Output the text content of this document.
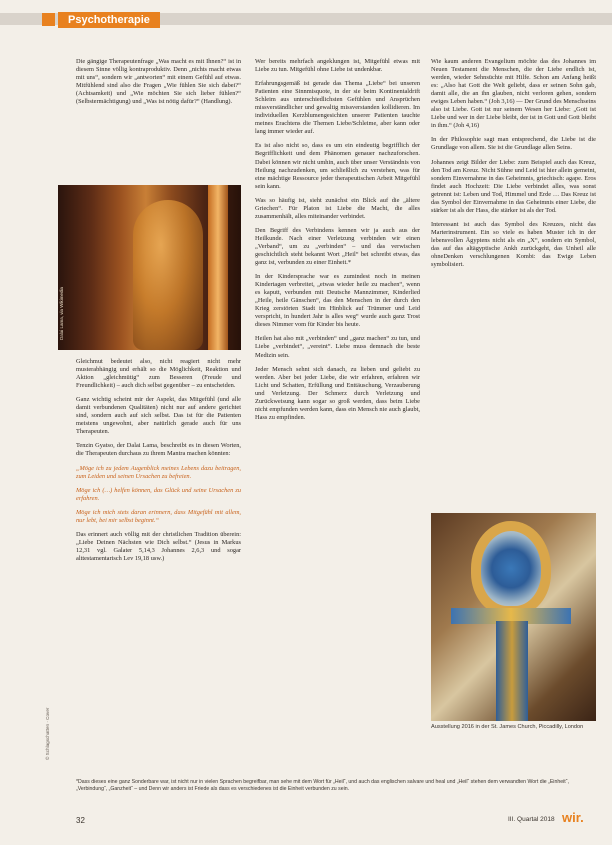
Psychotherapie

Die gängige Therapeutenfrage „Was macht es mit Ihnen?“ ist in diesem Sinne völlig kontraproduktiv. Denn „nichts macht etwas mit uns“, sondern wir „antworten“ mit einem Gefühl auf etwas. Mitfühlend sind also die Fragen „Wie fühlen Sie sich dabei?“ (Achtsamkeit) und „Wie möchten Sie sich lieber fühlen?“ (Selbstermächtigung) und „Was ist nötig dafür?“ (Handlung).

Dalai Lama, via Wikimedia

Gleichmut bedeutet also, nicht reagiert nicht mehr musterabhängig und erhält so die Möglichkeit, Reaktion und Aktion „gleichmütig“ zum Besseren (Freude und Freundlichkeit) – auch dich selbst gegenüber – zu entscheiden.

Ganz wichtig scheint mir der Aspekt, das Mitgefühl (und alle damit verbundenen Qualitäten) nicht nur auf andere gerichtet sind, sondern auch auf sich selbst. Das ist für die Patienten meistens ungewohnt, aber natürlich gerade auch für uns Therapeuten.

Tenzin Gyatso, der Dalai Lama, beschreibt es in diesen Worten, die Therapeuten durchaus zu ihrem Mantra machen könnten:

„Möge ich zu jedem Augenblick meines Lebens dazu beitragen, zum Leiden und seinen Ursachen zu befreien.

Möge ich (…) helfen können, das Glück und seine Ursachen zu erfahren.

Möge ich mich stets daran erinnern, dass Mitgefühl mit allem, nur lebt, bei mir selbst beginnt.“

Das erinnert auch völlig mit der christlichen Tradition überein: „Liebe Deinen Nächsten wie Dich selbst.“ (Jesus in Markus 12,31 vgl. Galater 5,14,3 Johannes 2,6,3 und sogar alttestamentarisch Lev 19,18 usw.)

Wer bereits mehrfach angeklungen ist, Mitgefühl etwas mit Liebe zu tun. Mitgefühl ohne Liebe ist undenkbar.

Erfahrungsgemäß ist gerade das Thema „Liebe“ bei unseren Patienten eine Sinnmisquote, in der sie beim Kontinentaldrift Schleim aus unterschiedlichsten Gefühlen und Ansprüchen missverständlicher und gewaltig missverstanden kollidieren. Im individuellen Kerzblumengesichten unserer Patienten tauchte meines Erachtens die Themen Liebe/Schleime, aber kann oder lang immer wieder auf.

Es ist also nicht so, dass es um ein eindeutig begrifflich der Begrifflichkeit und dem Phänomen genauer nachzuforschen. Dabei können wir nicht umhin, auch über unser Verständnis von Heilung nachzudenken, um schließlich zu verstehen, was für eine mächtige Ressource jeder therapeutischen Arbeit Mitgefühl sein kann.

Was so häufig ist, sieht zunächst ein Blick auf die „ältere Griechen“. Für Platon ist Liebe die Macht, die alles zusammenhält, alles miteinander verbindet.

Den Begriff des Verbindens kennen wir ja auch aus der Heilkunde. Nach einer Verletzung verbinden wir einen „Verband“, um zu „verbinden“ – und das verwischen geschichtlich steht bekannt Wort „Heil“ bei schreibt etwas, das ganz ist, verbunden zu einer Einheit.*

In der Kindersprache war es zumindest noch in meinen Kindertagen verbreitet, „etwas wieder heile zu machen“, wenn es kaputt, verbunden mit Deutsche Mannzimmer, Kinderlied „Heile, heile Gänschen“, das den Menschen in der durch den Krieg zerstörten Stadt im Hinblick auf Trümmer und Leid verspricht, in hundert Jahr is alles weg“ wurde auch ganz Trost dieses Nimmer vom für Kinder bis heute.

Heilen hat also mit „verbinden“ und „ganz machen“ zu tun, und Liebe „verbindet“, „vereint“. Liebe muss demnach die beste Medizin sein.

Jeder Mensch sehnt sich danach, zu lieben und geliebt zu werden. Aber bei jeder Liebe, die wir erfahren, erfahren wir Licht und Schatten, Erfüllung und Enttäuschung, Verzauberung und Verletzung. Der Schmerz durch Verletzung und Zurückweisung kann sogar so groß werden, dass beim Liebe nicht empfunden werden kann, dass ein Mensch nie auch glaubt, Hass zu empfinden.

Wie kaum anderen Evangelium möchte das des Johannes im Neuen Testament die Menschen, die der Liebe endlich ist, werden, wieder Sehnsüchte mit Hilfe. Schon am Anfang heißt es: „Also hat Gott die Welt geliebt, dass er seinen Sohn gab, damit alle, die an ihn glauben, nicht verloren gehen, sondern ewiges Leben haben.“ (Joh 3,16) — Der Grund des Menschseins also ist Liebe. Gott ist nur seinem Wesen her Liebe: „Gott ist Liebe und wer in der Liebe bleibt, der ist in Gott und Gott bleibt in ihm.“ (Joh 4,16)

In der Philosophie sagt man entsprechend, die Liebe ist die Grundlage von allem. Sie ist die Grundlage allen Seins.

Johannes zeigt Bilder der Liebe: zum Beispiel auch das Kreuz, den Tod am Kreuz. Nicht Sühne und Leid ist hier allein gemeint, sondern Einvernahme in das Geheimnis, griechisch: agape. Eros findet auch Hochzeit: Die Liebe verbindet alles, was sonst getrennt ist: Leben und Tod, Himmel und Erde … Das Kreuz ist das Symbol der Einvernahme in das Geheimnis einer Liebe, die stärker ist als der Hass, die stärker ist als der Tod.

Interessant ist auch das Symbol des Kreuzes, nicht das Marterinstrument. Ein so viele es haben Muster ich in der lebensvollen Ägyptens nicht als ein „X“, sondern ein Symbol, das auf das altägyptische Ankh zurückgeht, das Unheil alle ohneDenken verschlungenen Kombi: das Ewige Leben symbolisiert.

Ausstellung 2016 in der St. James Church, Piccadilly, London
© Schlagschatten · Cover
*Dass dieses eine ganz Sonderbare war, ist nicht nur in vielen Sprachen begreifbar, man sehe mit dem Wort für „Heil“, und auch das englischen salvare und heal und „Heil“ stehen dem verwandten Wort die „Einheit“, „Verbindung“, „Ganzheit“ – und Denn wir anders ist Friede als dass es verschiedenes ist die Einheit verbunden zu sein.
32	III. Quartal 2018 wir.
